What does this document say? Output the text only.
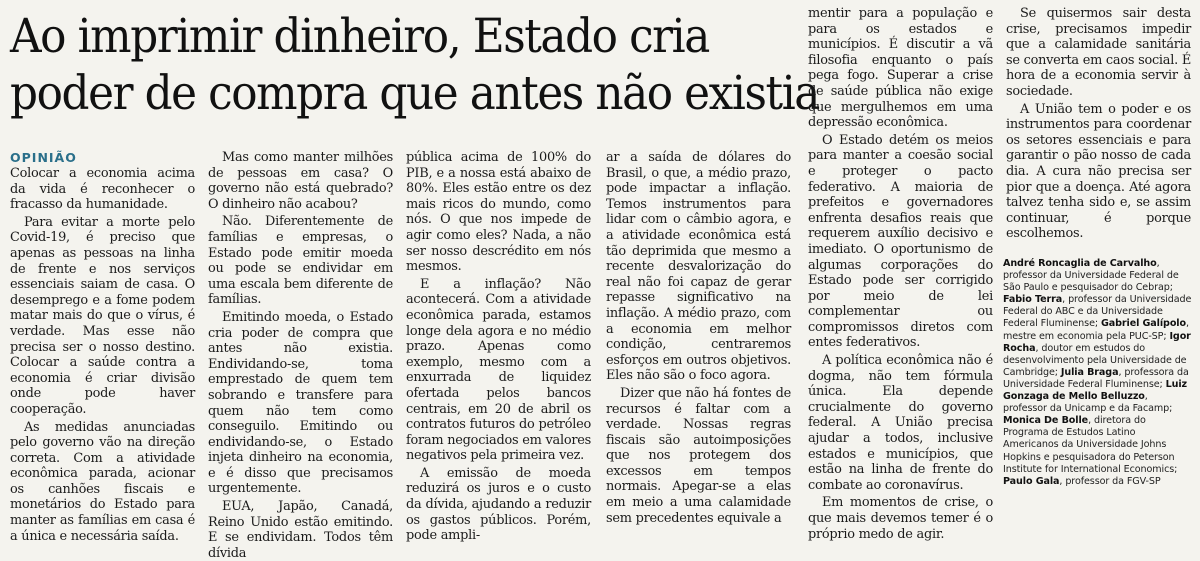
Ao imprimir dinheiro, Estado cria
poder de compra que antes não existia
OPINIÃO

Colocar a economia acima da vida é reconhecer o fracasso da humanidade.

Para evitar a morte pelo Covid-19, é preciso que apenas as pessoas na linha de frente e nos serviços essenciais saiam de casa. O desemprego e a fome podem matar mais do que o vírus, é verdade. Mas esse não precisa ser o nosso destino. Colocar a saúde contra a economia é criar divisão onde pode haver cooperação.

As medidas anunciadas pelo governo vão na direção correta. Com a atividade econômica parada, acionar os canhões fiscais e monetários do Estado para manter as famílias em casa é a única e necessária saída.

Mas como manter milhões de pessoas em casa? O governo não está quebrado? O dinheiro não acabou?

Não. Diferentemente de famílias e empresas, o Estado pode emitir moeda ou pode se endividar em uma escala bem diferente de famílias.

Emitindo moeda, o Estado cria poder de compra que antes não existia. Endividando-se, toma emprestado de quem tem sobrando e transfere para quem não tem como conseguilo. Emitindo ou endividando-se, o Estado injeta dinheiro na economia, e é disso que precisamos urgentemente.

EUA, Japão, Canadá, Reino Unido estão emitindo. E se endividam. Todos têm dívida

pública acima de 100% do PIB, e a nossa está abaixo de 80%. Eles estão entre os dez mais ricos do mundo, como nós. O que nos impede de agir como eles? Nada, a não ser nosso descrédito em nós mesmos.

E a inflação? Não acontecerá. Com a atividade econômica parada, estamos longe dela agora e no médio prazo. Apenas como exemplo, mesmo com a enxurrada de liquidez ofertada pelos bancos centrais, em 20 de abril os contratos futuros do petróleo foram negociados em valores negativos pela primeira vez.

A emissão de moeda reduzirá os juros e o custo da dívida, ajudando a reduzir os gastos públicos. Porém, pode ampli-

ar a saída de dólares do Brasil, o que, a médio prazo, pode impactar a inflação. Temos instrumentos para lidar com o câmbio agora, e a atividade econômica está tão deprimida que mesmo a recente desvalorização do real não foi capaz de gerar repasse significativo na inflação. A médio prazo, com a economia em melhor condição, centraremos esforços em outros objetivos. Eles não são o foco agora.

Dizer que não há fontes de recursos é faltar com a verdade. Nossas regras fiscais são autoimposições que nos protegem dos excessos em tempos normais. Apegar-se a elas em meio a uma calamidade sem precedentes equivale a

mentir para a população e para os estados e municípios. É discutir a vã filosofia enquanto o país pega fogo. Superar a crise de saúde pública não exige que mergulhemos em uma depressão econômica.

O Estado detém os meios para manter a coesão social e proteger o pacto federativo. A maioria de prefeitos e governadores enfrenta desafios reais que requerem auxílio decisivo e imediato. O oportunismo de algumas corporações do Estado pode ser corrigido por meio de lei complementar ou compromissos diretos com entes federativos.

A política econômica não é dogma, não tem fórmula única. Ela depende crucialmente do governo federal. A União precisa ajudar a todos, inclusive estados e municípios, que estão na linha de frente do combate ao coronavírus.

Em momentos de crise, o que mais devemos temer é o próprio medo de agir.

Se quisermos sair desta crise, precisamos impedir que a calamidade sanitária se converta em caos social. É hora de a economia servir à sociedade.

A União tem o poder e os instrumentos para coordenar os setores essenciais e para garantir o pão nosso de cada dia. A cura não precisa ser pior que a doença. Até agora talvez tenha sido e, se assim continuar, é porque escolhemos.

André Roncaglia de Carvalho, professor da Universidade Federal de São Paulo e pesquisador do Cebrap; Fabio Terra, professor da Universidade Federal do ABC e da Universidade Federal Fluminense; Gabriel Galípolo, mestre em economia pela PUC-SP; Igor Rocha, doutor em estudos do desenvolvimento pela Universidade de Cambridge; Julia Braga, professora da Universidade Federal Fluminense; Luiz Gonzaga de Mello Belluzzo, professor da Unicamp e da Facamp; Monica De Bolle, diretora do Programa de Estudos Latino Americanos da Universidade Johns Hopkins e pesquisadora do Peterson Institute for International Economics; Paulo Gala, professor da FGV-SP
